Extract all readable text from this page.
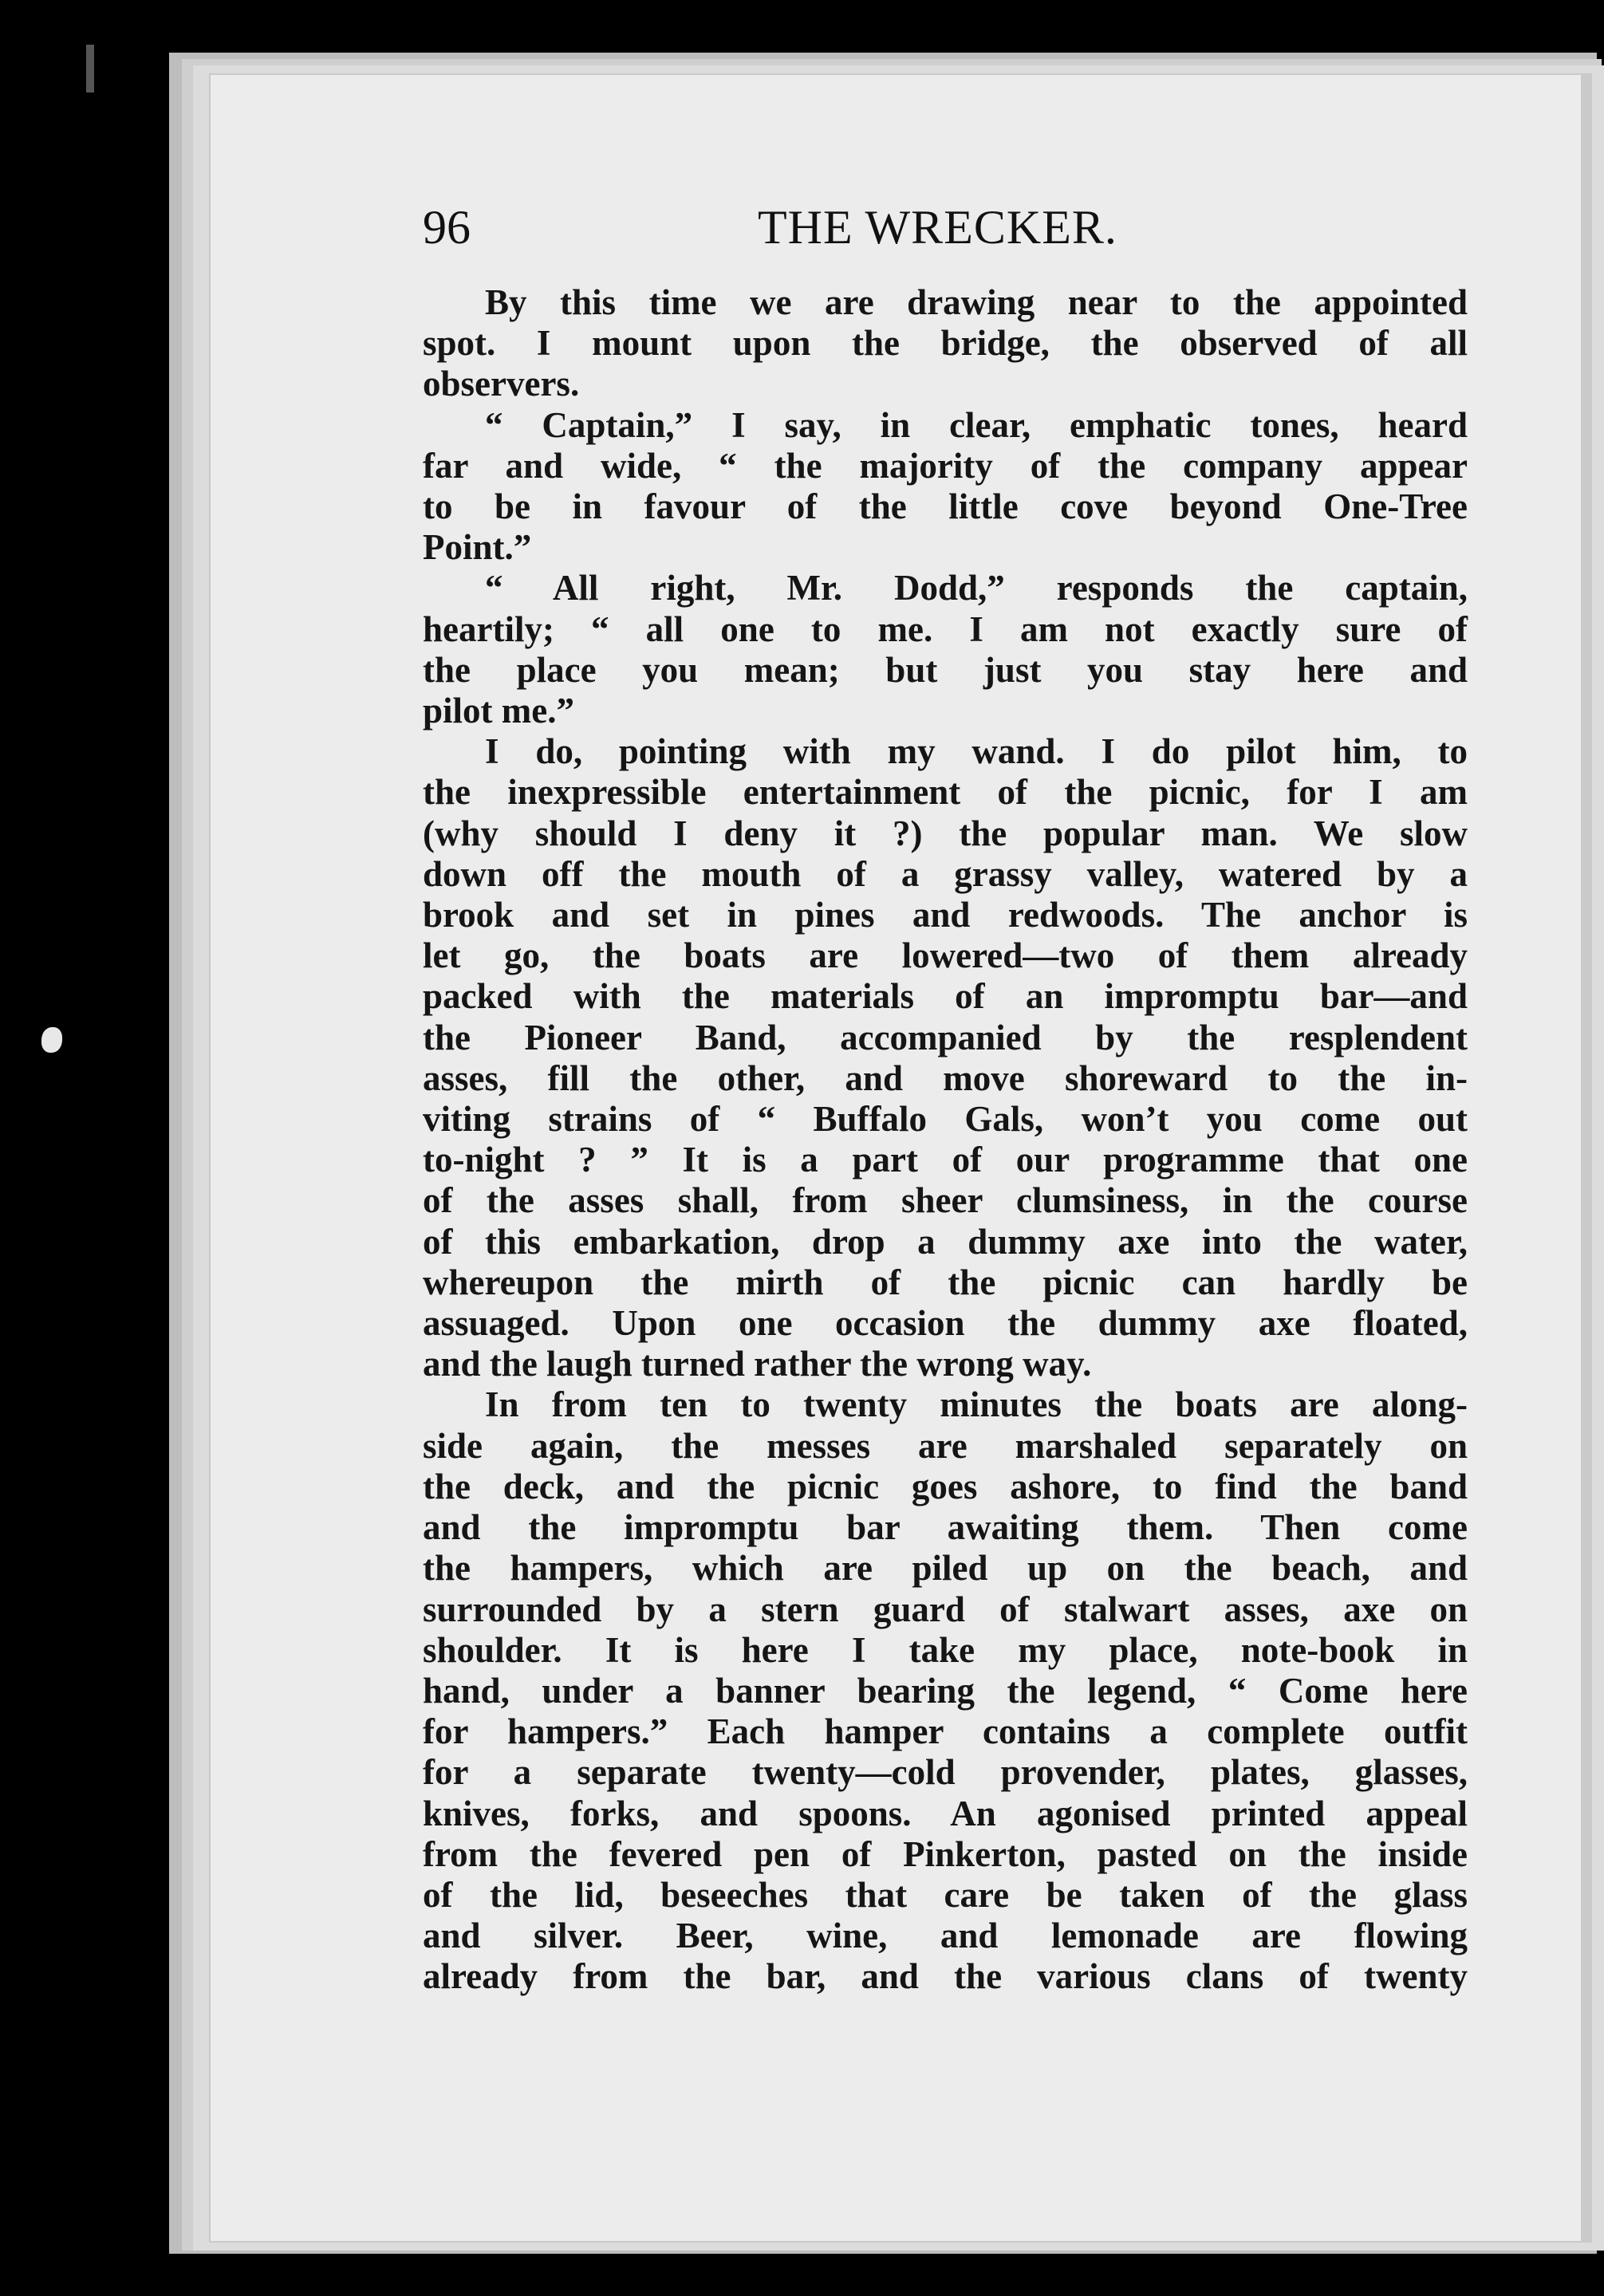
96	THE WRECKER.
By this time we are drawing near to the appointed
spot. I mount upon the bridge, the observed of all
observers.
“ Captain,” I say, in clear, emphatic tones, heard
far and wide, “ the majority of the company appear
to be in favour of the little cove beyond One-Tree
Point.”
“ All right, Mr. Dodd,” responds the captain,
heartily; “ all one to me. I am not exactly sure of
the place you mean; but just you stay here and
pilot me.”
I do, pointing with my wand. I do pilot him, to
the inexpressible entertainment of the picnic, for I am
(why should I deny it ?) the popular man. We slow
down off the mouth of a grassy valley, watered by a
brook and set in pines and redwoods. The anchor is
let go, the boats are lowered—two of them already
packed with the materials of an impromptu bar—and
the Pioneer Band, accompanied by the resplendent
asses, fill the other, and move shoreward to the in-
viting strains of “ Buffalo Gals, won’t you come out
to-night ? ” It is a part of our programme that one
of the asses shall, from sheer clumsiness, in the course
of this embarkation, drop a dummy axe into the water,
whereupon the mirth of the picnic can hardly be
assuaged. Upon one occasion the dummy axe floated,
and the laugh turned rather the wrong way.
In from ten to twenty minutes the boats are along-
side again, the messes are marshaled separately on
the deck, and the picnic goes ashore, to find the band
and the impromptu bar awaiting them. Then come
the hampers, which are piled up on the beach, and
surrounded by a stern guard of stalwart asses, axe on
shoulder. It is here I take my place, note-book in
hand, under a banner bearing the legend, “ Come here
for hampers.” Each hamper contains a complete outfit
for a separate twenty—cold provender, plates, glasses,
knives, forks, and spoons. An agonised printed appeal
from the fevered pen of Pinkerton, pasted on the inside
of the lid, beseeches that care be taken of the glass
and silver. Beer, wine, and lemonade are flowing
already from the bar, and the various clans of twenty
